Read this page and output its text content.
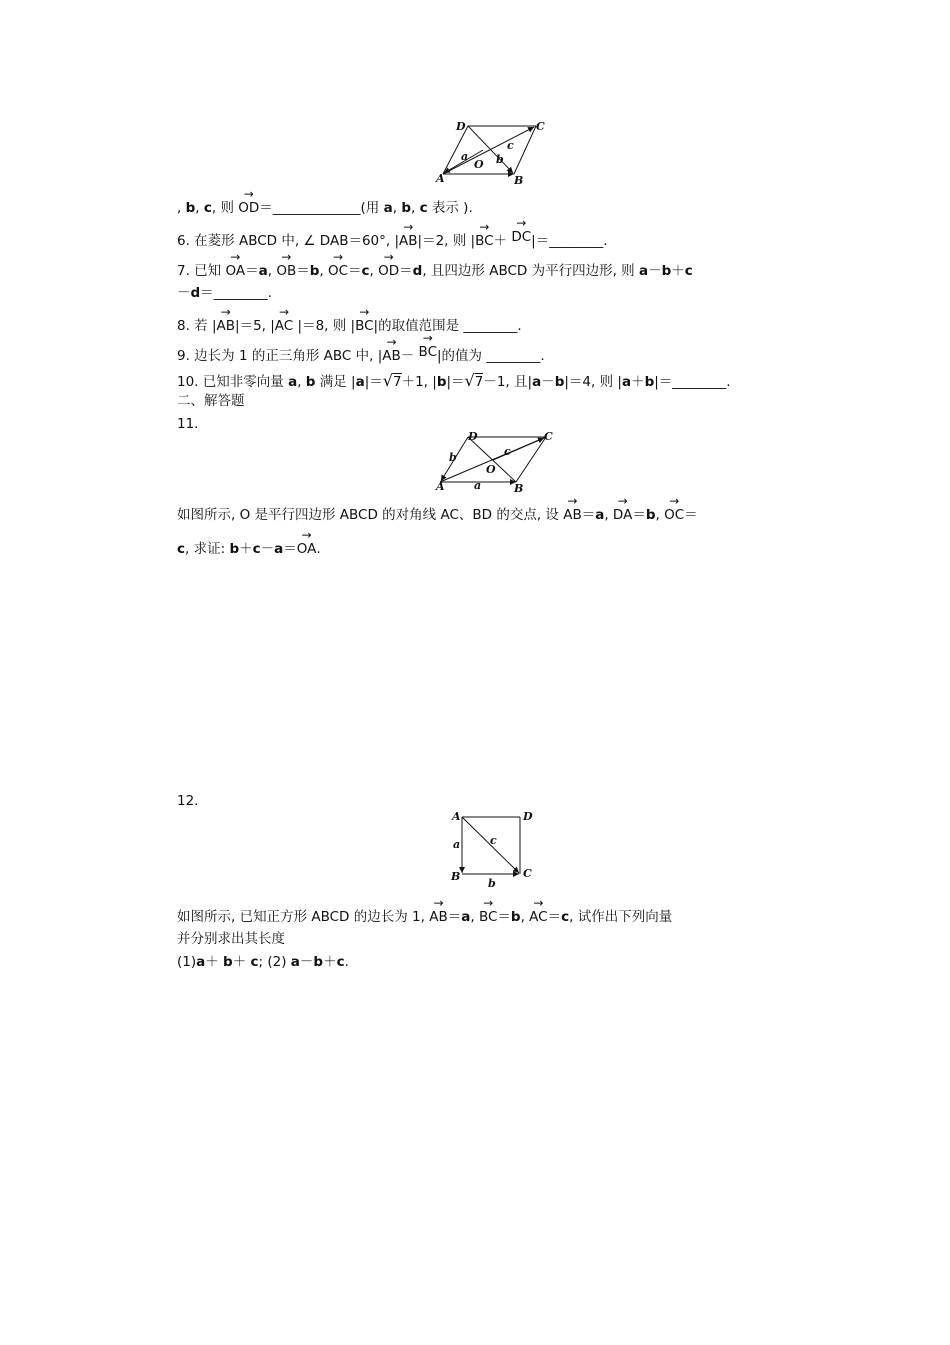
D	C
A	B
O
a	b
c
, b, c, 则 → OD＝_____________(用 a, b, c 表示 ).
6. 在菱形 ABCD 中, ∠ DAB＝60°, |→ AB|＝2, 则 |→ BC＋ → DC|＝________.
7. 已知 → OA＝a, → OB＝b, → OC＝c, → OD＝d, 且四边形 ABCD 为平行四边形, 则 a－b＋c
－d＝________.
8. 若 |→ AB|＝5, |→ AC |＝8, 则 |→ BC|的取值范围是 ________.
9. 边长为 1 的正三角形 ABC 中, |→ AB－ → BC|的值为 ________.
10. 已知非零向量 a, b 满足 |a|＝√7＋1, |b|＝√7－1, 且|a－b|＝4, 则 |a＋b|＝________.
二、解答题
11.
D	C
A	B
O
a
b	c
如图所示, O 是平行四边形 ABCD 的对角线 AC、BD 的交点, 设 → AB＝a, → DA＝b, → OC＝
c, 求证: b＋c－a＝→ OA.
12.
A	D
B	C
a
b
c
如图所示, 已知正方形 ABCD 的边长为 1, → AB＝a, → BC＝b, → AC＝c, 试作出下列向量
并分别求出其长度
(1)a＋ b＋ c; (2) a－b＋c.
